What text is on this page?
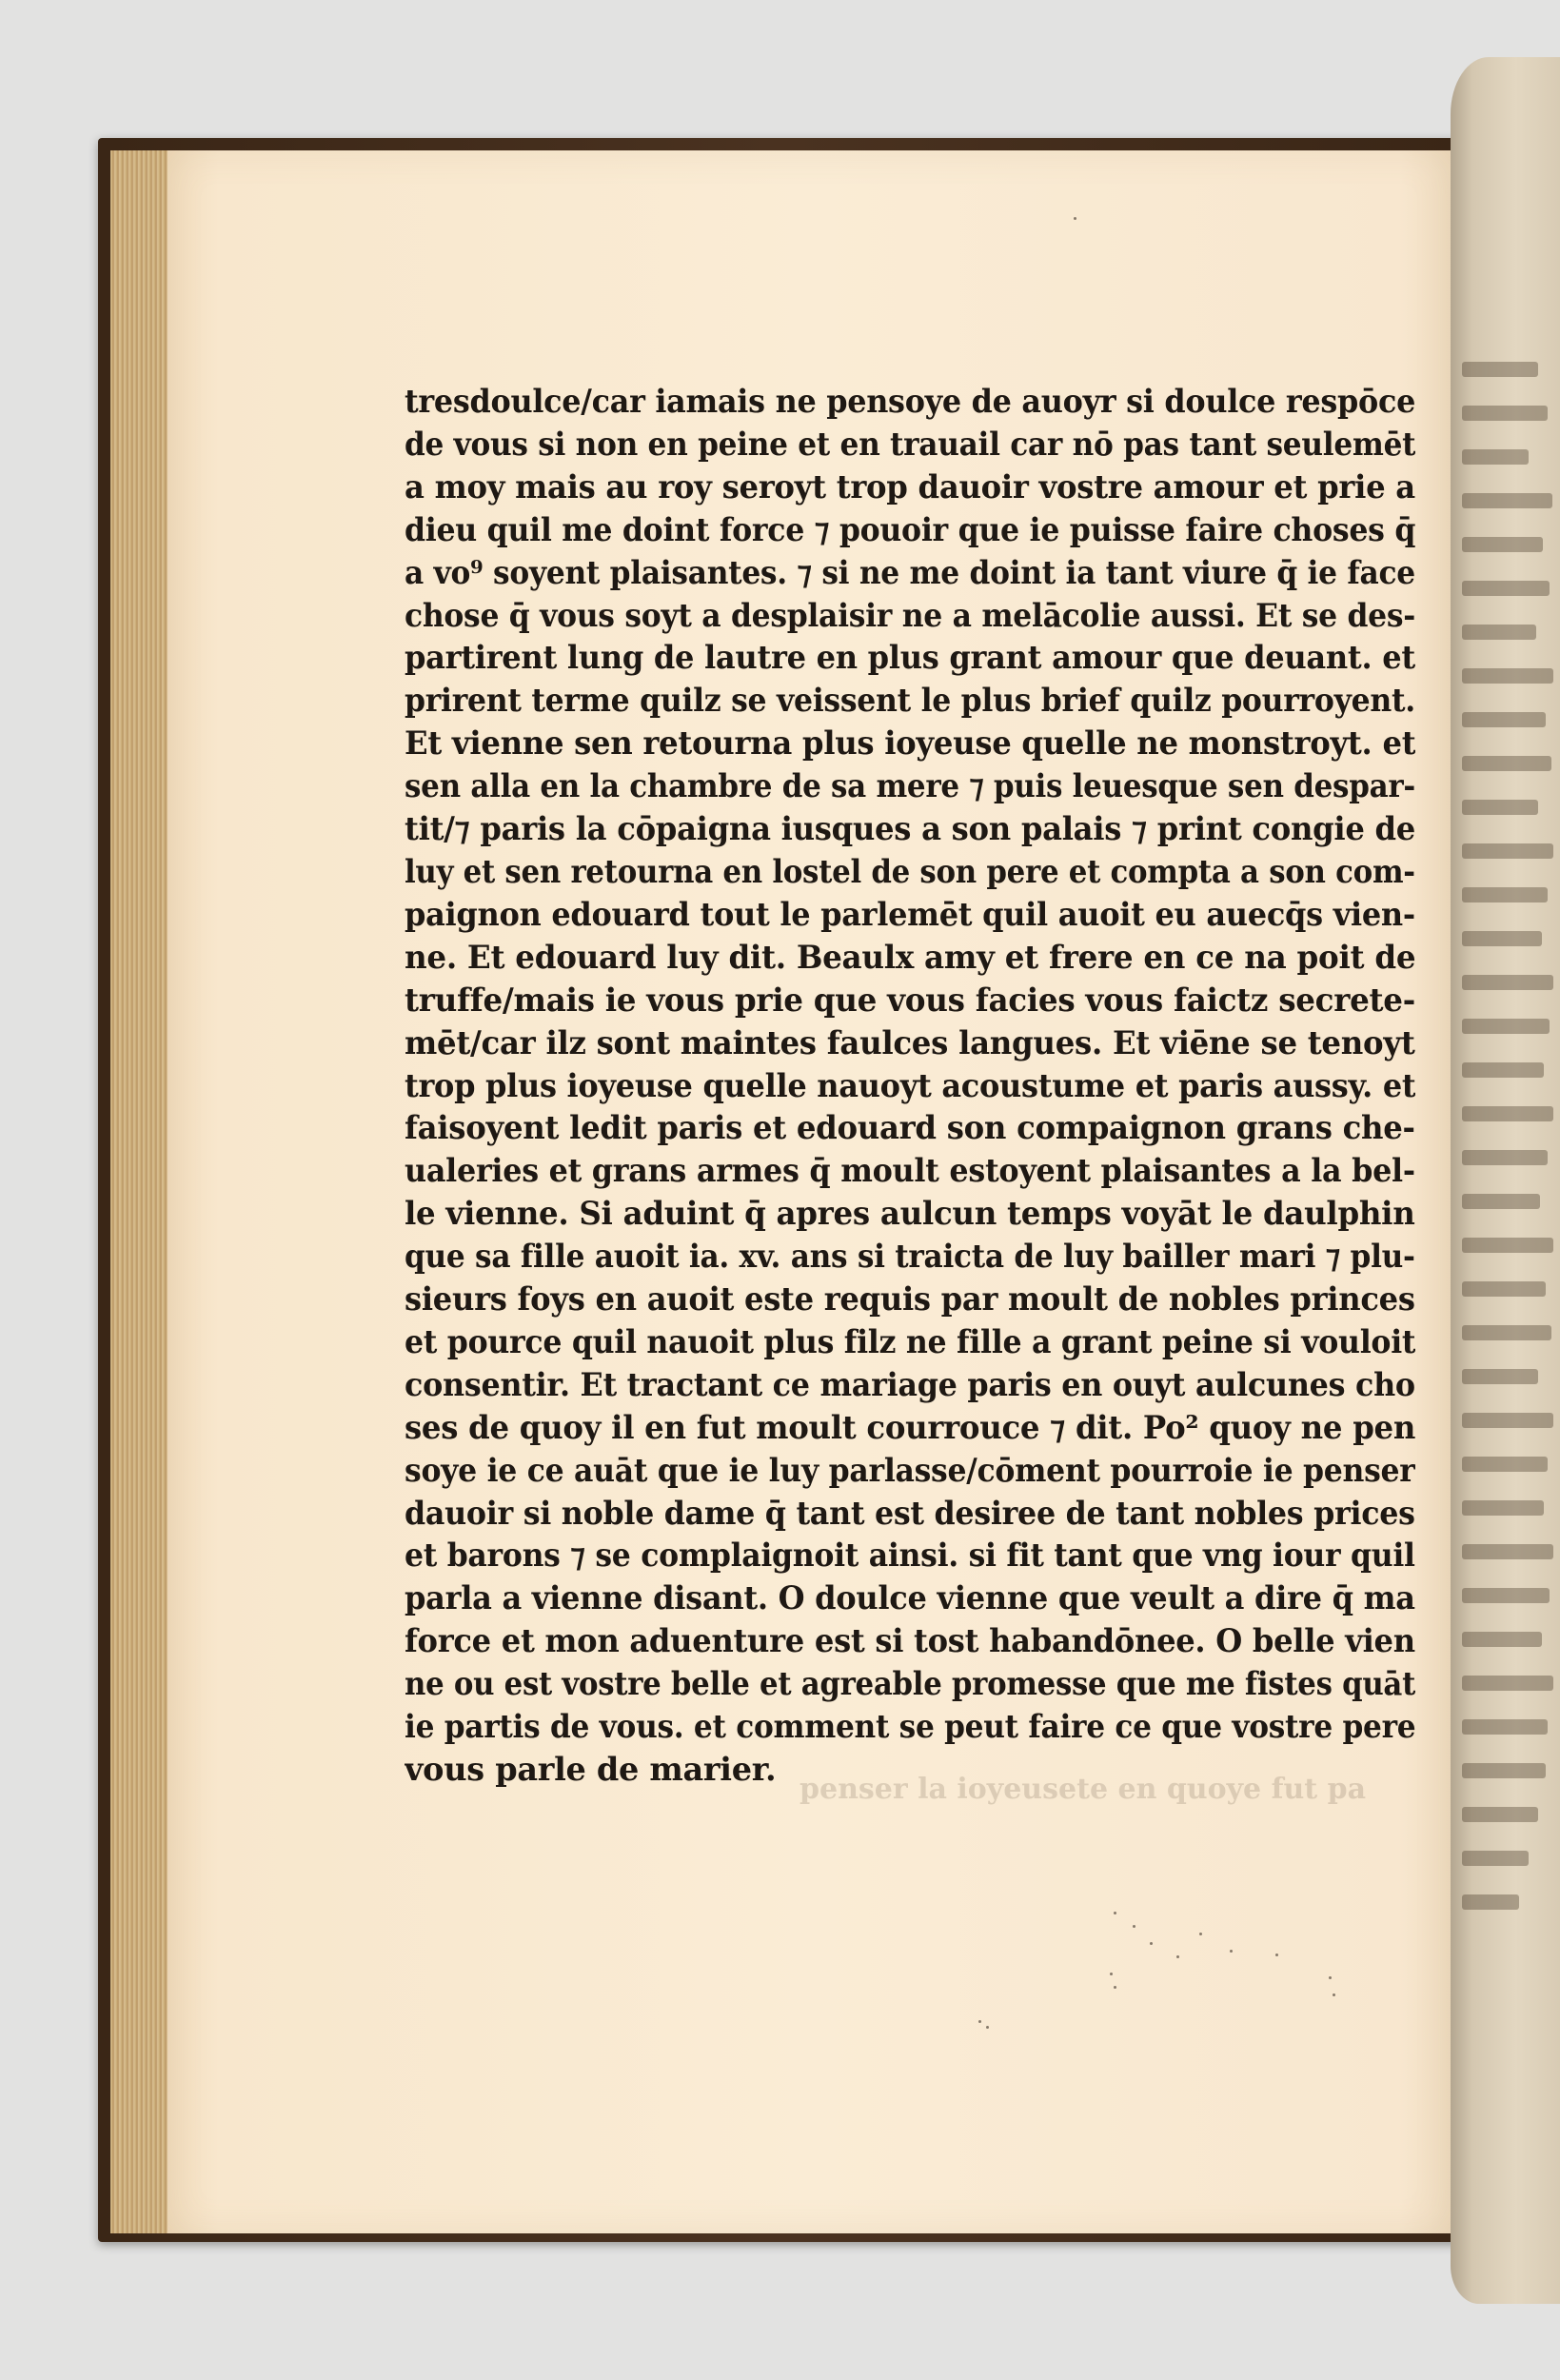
penser la ioyeusete en quoye fut pa
tresdoulce/car iamais ne pensoye de auoyr si doulce respōce
de vous si non en peine et en trauail car nō pas tant seulemēt
a moy mais au roy seroyt trop dauoir vostre amour et prie a
dieu quil me doint force ⁊ pouoir que ie puisse faire choses q̄
a vo⁹ soyent plaisantes. ⁊ si ne me doint ia tant viure q̄ ie face
chose q̄ vous soyt a desplaisir ne a melācolie aussi. Et se des-
partirent lung de lautre en plus grant amour que deuant. et
prirent terme quilz se veissent le plus brief quilz pourroyent.
Et vienne sen retourna plus ioyeuse quelle ne monstroyt. et
sen alla en la chambre de sa mere ⁊ puis leuesque sen despar-
tit/⁊ paris la cōpaigna iusques a son palais ⁊ print congie de
luy et sen retourna en lostel de son pere et compta a son com-
paignon edouard tout le parlemēt quil auoit eu auecq̄s vien-
ne. Et edouard luy dit. Beaulx amy et frere en ce na poit de
truffe/mais ie vous prie que vous facies vous faictz secrete-
mēt/car ilz sont maintes faulces langues. Et viēne se tenoyt
trop plus ioyeuse quelle nauoyt acoustume et paris aussy. et
faisoyent ledit paris et edouard son compaignon grans che-
ualeries et grans armes q̄ moult estoyent plaisantes a la bel-
le vienne. Si aduint q̄ apres aulcun temps voyāt le daulphin
que sa fille auoit ia. xv. ans si traicta de luy bailler mari ⁊ plu-
sieurs foys en auoit este requis par moult de nobles princes
et pource quil nauoit plus filz ne fille a grant peine si vouloit
consentir. Et tractant ce mariage paris en ouyt aulcunes cho
ses de quoy il en fut moult courrouce ⁊ dit. Po² quoy ne pen
soye ie ce auāt que ie luy parlasse/cōment pourroie ie penser
dauoir si noble dame q̄ tant est desiree de tant nobles prices
et barons ⁊ se complaignoit ainsi. si fit tant que vng iour quil
parla a vienne disant. O doulce vienne que veult a dire q̄ ma
force et mon aduenture est si tost habandōnee. O belle vien
ne ou est vostre belle et agreable promesse que me fistes quāt
ie partis de vous. et comment se peut faire ce que vostre pere
vous parle de marier.
